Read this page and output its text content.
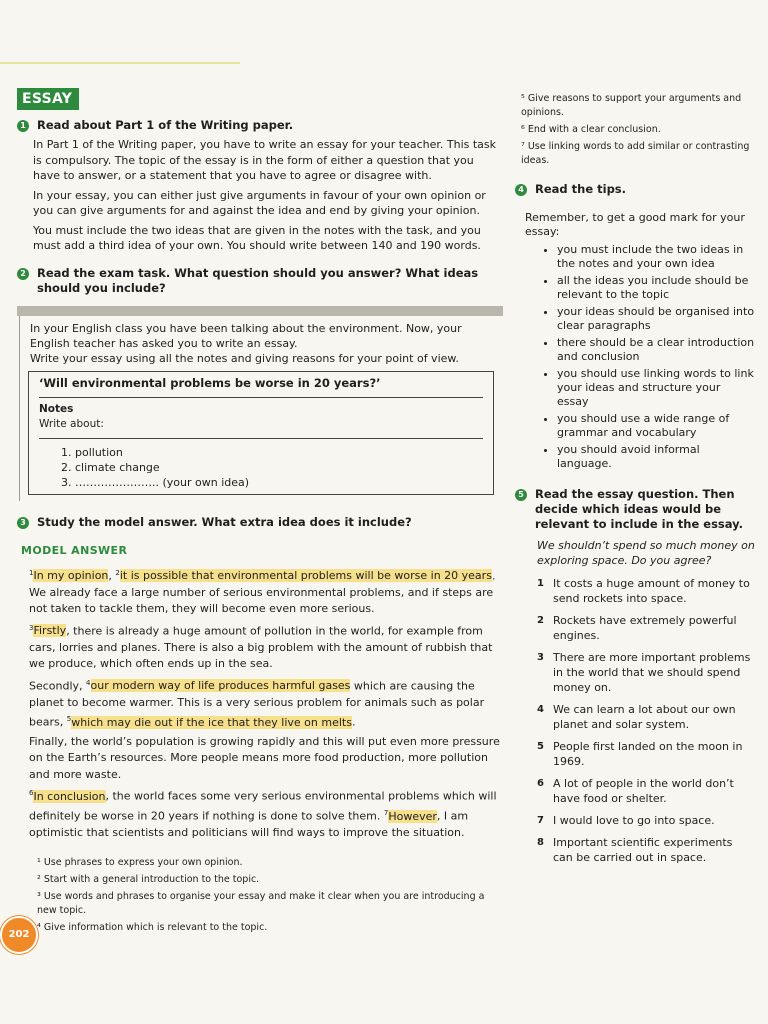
ESSAY
1 Read about Part 1 of the Writing paper.
In Part 1 of the Writing paper, you have to write an essay for your teacher. This task is compulsory. The topic of the essay is in the form of either a question that you have to answer, or a statement that you have to agree or disagree with.
In your essay, you can either just give arguments in favour of your own opinion or you can give arguments for and against the idea and end by giving your opinion.
You must include the two ideas that are given in the notes with the task, and you must add a third idea of your own. You should write between 140 and 190 words.
2 Read the exam task. What question should you answer? What ideas should you include?
In your English class you have been talking about the environment. Now, your English teacher has asked you to write an essay.
Write your essay using all the notes and giving reasons for your point of view.
‘Will environmental problems be worse in 20 years?’
Notes
Write about:
1. pollution
2. climate change
3. ………………….. (your own idea)
3 Study the model answer. What extra idea does it include?
MODEL ANSWER

$^1$In my opinion, $^2$it is possible that environmental problems will be worse in 20 years. We already face a large number of serious environmental problems, and if steps are not taken to tackle them, they will become even more serious.

$^3$Firstly, there is already a huge amount of pollution in the world, for example from cars, lorries and planes. There is also a big problem with the amount of rubbish that we produce, which often ends up in the sea.

Secondly, $^4$our modern way of life produces harmful gases which are causing the planet to become warmer. This is a very serious problem for animals such as polar bears, $^5$which may die out if the ice that they live on melts.

Finally, the world’s population is growing rapidly and this will put even more pressure on the Earth’s resources. More people means more food production, more pollution and more waste.

$^6$In conclusion, the world faces some very serious environmental problems which will definitely be worse in 20 years if nothing is done to solve them. $^7$However, I am optimistic that scientists and politicians will find ways to improve the situation.

¹ Use phrases to express your own opinion.
² Start with a general introduction to the topic.
³ Use words and phrases to organise your essay and make it clear when you are introducing a new topic.
⁴ Give information which is relevant to the topic.
202
⁵ Give reasons to support your arguments and opinions.
⁶ End with a clear conclusion.
⁷ Use linking words to add similar or contrasting ideas.
4 Read the tips.
Remember, to get a good mark for your essay:
• you must include the two ideas in the notes and your own idea
• all the ideas you include should be relevant to the topic
• your ideas should be organised into clear paragraphs
• there should be a clear introduction and conclusion
• you should use linking words to link your ideas and structure your essay
• you should use a wide range of grammar and vocabulary
• you should avoid informal language.
5 Read the essay question. Then decide which ideas would be relevant to include in the essay.
We shouldn’t spend so much money on exploring space. Do you agree?
1 It costs a huge amount of money to send rockets into space.
2 Rockets have extremely powerful engines.
3 There are more important problems in the world that we should spend money on.
4 We can learn a lot about our own planet and solar system.
5 People first landed on the moon in 1969.
6 A lot of people in the world don’t have food or shelter.
7 I would love to go into space.
8 Important scientific experiments can be carried out in space.
